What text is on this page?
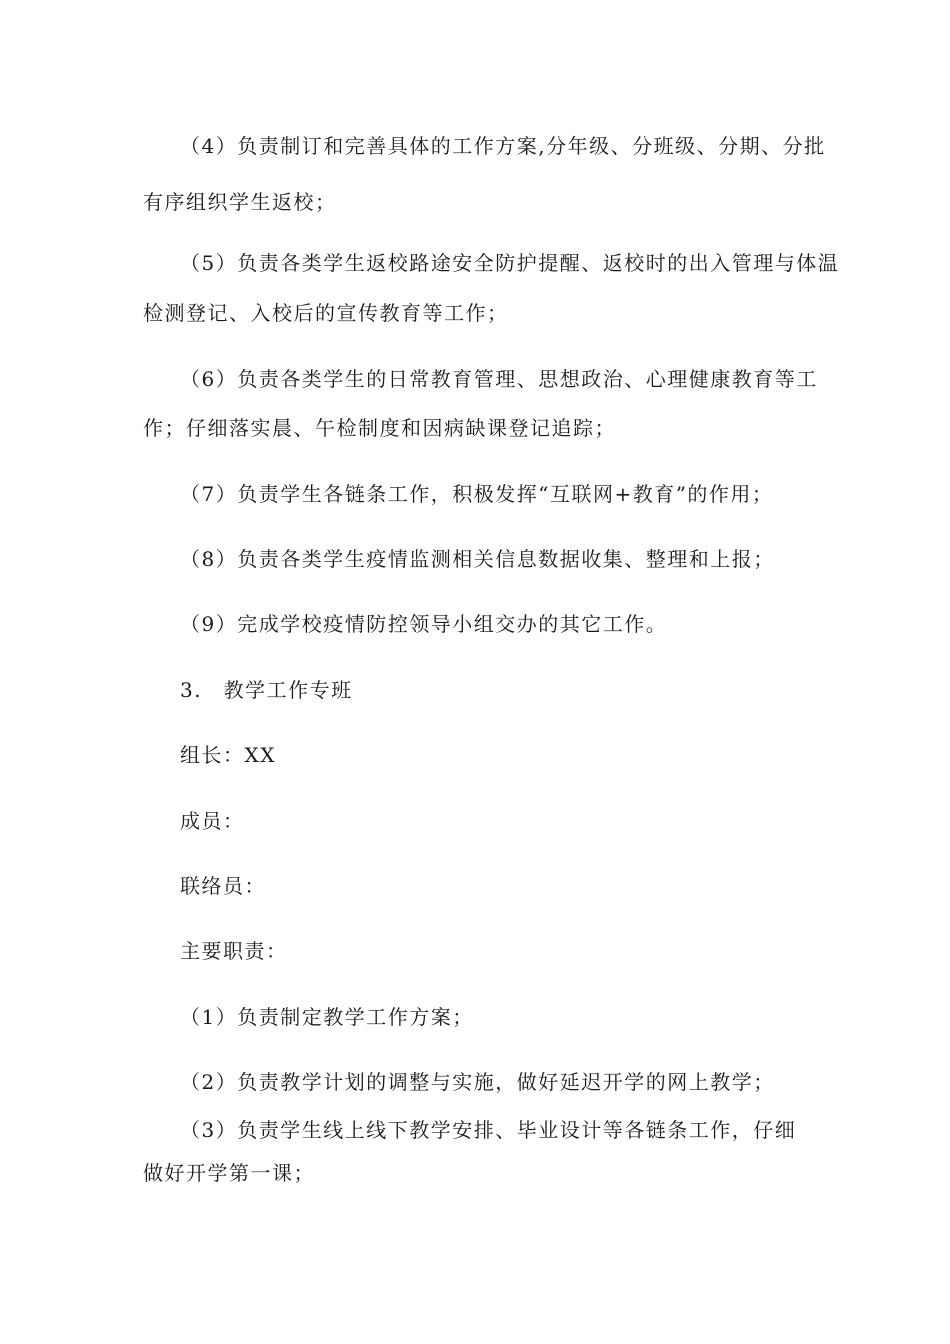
（4）负责制订和完善具体的工作方案,分年级、分班级、分期、分批
有序组织学生返校；
（5）负责各类学生返校路途安全防护提醒、返校时的出入管理与体温
检测登记、入校后的宣传教育等工作；
（6）负责各类学生的日常教育管理、思想政治、心理健康教育等工
作；仔细落实晨、午检制度和因病缺课登记追踪；
（7）负责学生各链条工作，积极发挥“互联网+教育”的作用；
（8）负责各类学生疫情监测相关信息数据收集、整理和上报；
（9）完成学校疫情防控领导小组交办的其它工作。
3.　教学工作专班
组长：XX
成员：
联络员：
主要职责：
（1）负责制定教学工作方案；
（2）负责教学计划的调整与实施，做好延迟开学的网上教学；
（3）负责学生线上线下教学安排、毕业设计等各链条工作，仔细
做好开学第一课；
